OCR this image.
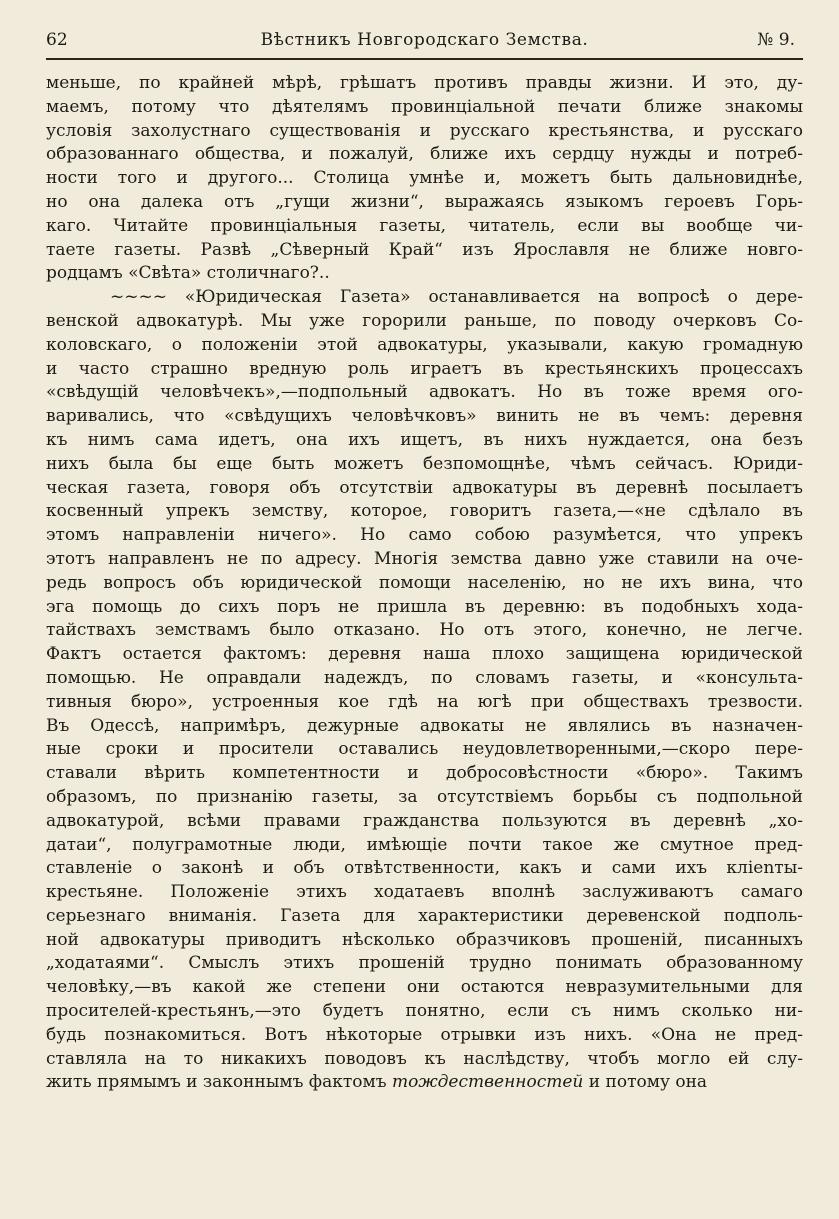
62	Вѣстникъ Новгородскаго Земства.	№ 9.
меньше, по крайней мѣрѣ, грѣшатъ противъ правды жизни. И это, ду-
маемъ, потому что дѣятелямъ провинціальной печати ближе знакомы
условія захолустнаго существованія и русскаго крестьянства, и русскаго
образованнаго общества, и пожалуй, ближе ихъ сердцу нужды и потреб-
ности того и другого... Столица умнѣе и, можетъ быть дальновиднѣе,
но она далека отъ „гущи жизни“, выражаясь языкомъ героевъ Горь-
каго. Читайте провинціальныя газеты, читатель, если вы вообще чи-
таете газеты. Развѣ „Сѣверный Край“ изъ Ярославля не ближе новго-
родцамъ «Свѣта» столичнаго?..
~~~~ «Юридическая Газета» останавливается на вопросѣ о дере-
венской адвокатурѣ. Мы уже горорили раньше, по поводу очерковъ Со-
коловскаго, о положеніи этой адвокатуры, указывали, какую громадную
и часто страшно вредную роль играетъ въ крестьянскихъ процессахъ
«свѣдущій человѣчекъ»,—подпольный адвокатъ. Но въ тоже время ого-
варивались, что «свѣдущихъ человѣчковъ» винить не въ чемъ: деревня
къ нимъ сама идетъ, она ихъ ищетъ, въ нихъ нуждается, она безъ
нихъ была бы еще быть можетъ безпомощнѣе, чѣмъ сейчасъ. Юриди-
ческая газета, говоря объ отсутствіи адвокатуры въ деревнѣ посылаетъ
косвенный упрекъ земству, которое, говоритъ газета,—«не сдѣлало въ
этомъ направленіи ничего». Но само собою разумѣется, что упрекъ
этотъ направленъ не по адресу. Многія земства давно уже ставили на оче-
редь вопросъ объ юридической помощи населенію, но не ихъ вина, что
эга помощь до сихъ поръ не пришла въ деревню: въ подобныхъ хода-
тайствахъ земствамъ было отказано. Но отъ этого, конечно, не легче.
Фактъ остается фактомъ: деревня наша плохо защищена юридической
помощью. Не оправдали надеждъ, по словамъ газеты, и «консульта-
тивныя бюро», устроенныя кое гдѣ на югѣ при обществахъ трезвости.
Въ Одессѣ, напримѣръ, дежурные адвокаты не являлись въ назначен-
ные сроки и просители оставались неудовлетворенными,—скоро пере-
ставали вѣрить компетентности и добросовѣстности «бюро». Такимъ
образомъ, по признанію газеты, за отсутствіемъ борьбы съ подпольной
адвокатурой, всѣми правами гражданства пользуются въ деревнѣ „хо-
датаи“, полуграмотные люди, имѣющіе почти такое же смутное пред-
ставленіе о законѣ и объ отвѣтственности, какъ и сами ихъ клienты-
крестьяне. Положеніе этихъ ходатаевъ вполнѣ заслуживаютъ самаго
серьезнаго вниманія. Газета для характеристики деревенской подполь-
ной адвокатуры приводитъ нѣсколько образчиковъ прошеній, писанныхъ
„ходатаями“. Смыслъ этихъ прошеній трудно понимать образованному
человѣку,—въ какой же степени они остаются невразумительными для
просителей-крестьянъ,—это будетъ понятно, если съ нимъ сколько ни-
будь познакомиться. Вотъ нѣкоторые отрывки изъ нихъ. «Она не пред-
ставляла на то никакихъ поводовъ къ наслѣдству, чтобъ могло ей слу-
жить прямымъ и законнымъ фактомъ тождественностей и потому она
